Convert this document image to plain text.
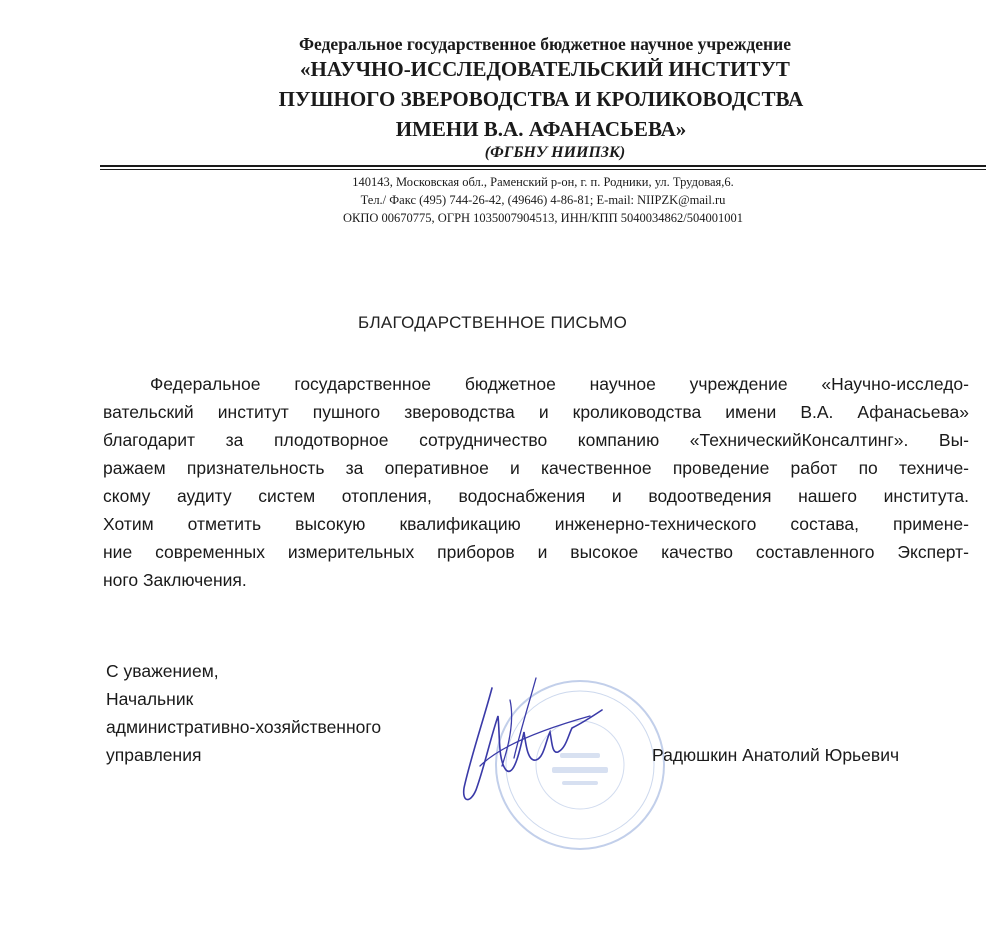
Федеральное государственное бюджетное научное учреждение
«НАУЧНО-ИССЛЕДОВАТЕЛЬСКИЙ ИНСТИТУТ
ПУШНОГО ЗВЕРОВОДСТВА И КРОЛИКОВОДСТВА
ИМЕНИ В.А. АФАНАСЬЕВА»
(ФГБНУ НИИПЗК)
140143, Московская обл., Раменский р-он, г. п. Родники, ул. Трудовая,6.
Тел./ Факс (495) 744-26-42, (49646) 4-86-81; E-mail: NIIPZK@mail.ru
ОКПО 00670775, ОГРН 1035007904513, ИНН/КПП 5040034862/504001001
БЛАГОДАРСТВЕННОЕ ПИСЬМО
Федеральное государственное бюджетное научное учреждение «Научно-исследо-
вательский институт пушного звероводства и кролиководства имени В.А. Афанасьева»
благодарит за плодотворное сотрудничество компанию «ТехническийКонсалтинг». Вы-
ражаем признательность за оперативное и качественное проведение работ по техниче-
скому аудиту систем отопления, водоснабжения и водоотведения нашего института.
Хотим отметить высокую квалификацию инженерно-технического состава, примене-
ние современных измерительных приборов и высокое качество составленного Эксперт-
ного Заключения.
С уважением,
Начальник
административно-хозяйственного
управления	Радюшкин Анатолий Юрьевич
